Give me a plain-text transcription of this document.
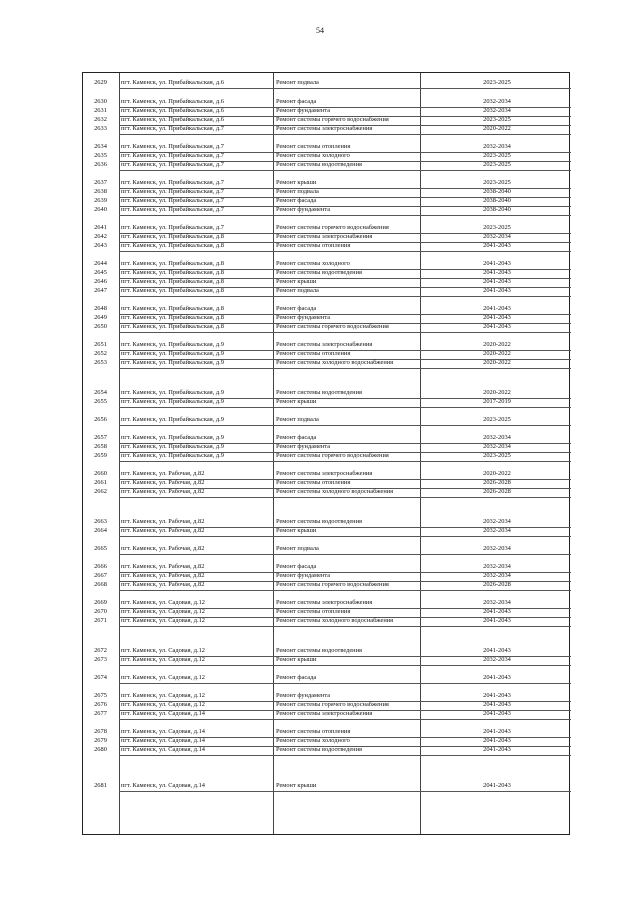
54
2629	пгт. Каменск, ул. Прибайкальская, д.6	Ремонт подвала	2023-2025
2630	пгт. Каменск, ул. Прибайкальская, д.6	Ремонт фасада	2032-2034
2631	пгт. Каменск, ул. Прибайкальская, д.6	Ремонт фундамента	2032-2034
2632	пгт. Каменск, ул. Прибайкальская, д.6	Ремонт системы горячего водоснабжения	2023-2025
2633	пгт. Каменск, ул. Прибайкальская, д.7	Ремонт системы электроснабжения	2020-2022
2634	пгт. Каменск, ул. Прибайкальская, д.7	Ремонт системы отопления	2032-2034
2635	пгт. Каменск, ул. Прибайкальская, д.7	Ремонт системы холодного	2023-2025
2636	пгт. Каменск, ул. Прибайкальская, д.7	Ремонт системы водоотведения	2023-2025
2637	пгт. Каменск, ул. Прибайкальская, д.7	Ремонт крыши	2023-2025
2638	пгт. Каменск, ул. Прибайкальская, д.7	Ремонт подвала	2038-2040
2639	пгт. Каменск, ул. Прибайкальская, д.7	Ремонт фасада	2038-2040
2640	пгт. Каменск, ул. Прибайкальская, д.7	Ремонт фундамента	2038-2040
2641	пгт. Каменск, ул. Прибайкальская, д.7	Ремонт системы горячего водоснабжения	2023-2025
2642	пгт. Каменск, ул. Прибайкальская, д.8	Ремонт системы электроснабжения	2032-2034
2643	пгт. Каменск, ул. Прибайкальская, д.8	Ремонт системы отопления	2041-2043
2644	пгт. Каменск, ул. Прибайкальская, д.8	Ремонт системы холодного	2041-2043
2645	пгт. Каменск, ул. Прибайкальская, д.8	Ремонт системы водоотведения	2041-2043
2646	пгт. Каменск, ул. Прибайкальская, д.8	Ремонт крыши	2041-2043
2647	пгт. Каменск, ул. Прибайкальская, д.8	Ремонт подвала	2041-2043
2648	пгт. Каменск, ул. Прибайкальская, д.8	Ремонт фасада	2041-2043
2649	пгт. Каменск, ул. Прибайкальская, д.8	Ремонт фундамента	2041-2043
2650	пгт. Каменск, ул. Прибайкальская, д.8	Ремонт системы горячего водоснабжения	2041-2043
2651	пгт. Каменск, ул. Прибайкальская, д.9	Ремонт системы электроснабжения	2020-2022
2652	пгт. Каменск, ул. Прибайкальская, д.9	Ремонт системы отопления	2020-2022
2653	пгт. Каменск, ул. Прибайкальская, д.9	Ремонт системы холодного водоснабжения	2020-2022
2654	пгт. Каменск, ул. Прибайкальская, д.9	Ремонт системы водоотведения	2020-2022
2655	пгт. Каменск, ул. Прибайкальская, д.9	Ремонт крыши	2017-2019
2656	пгт. Каменск, ул. Прибайкальская, д.9	Ремонт подвала	2023-2025
2657	пгт. Каменск, ул. Прибайкальская, д.9	Ремонт фасада	2032-2034
2658	пгт. Каменск, ул. Прибайкальская, д.9	Ремонт фундамента	2032-2034
2659	пгт. Каменск, ул. Прибайкальская, д.9	Ремонт системы горячего водоснабжения	2023-2025
2660	пгт. Каменск, ул. Рабочая, д.82	Ремонт системы электроснабжения	2020-2022
2661	пгт. Каменск, ул. Рабочая, д.82	Ремонт системы отопления	2026-2028
2662	пгт. Каменск, ул. Рабочая, д.82	Ремонт системы холодного водоснабжения	2026-2028
2663	пгт. Каменск, ул. Рабочая, д.82	Ремонт системы водоотведения	2032-2034
2664	пгт. Каменск, ул. Рабочая, д.82	Ремонт крыши	2032-2034
2665	пгт. Каменск, ул. Рабочая, д.82	Ремонт подвала	2032-2034
2666	пгт. Каменск, ул. Рабочая, д.82	Ремонт фасада	2032-2034
2667	пгт. Каменск, ул. Рабочая, д.82	Ремонт фундамента	2032-2034
2668	пгт. Каменск, ул. Рабочая, д.82	Ремонт системы горячего водоснабжения	2026-2028
2669	пгт. Каменск, ул. Садовая, д.12	Ремонт системы электроснабжения	2032-2034
2670	пгт. Каменск, ул. Садовая, д.12	Ремонт системы отопления	2041-2043
2671	пгт. Каменск, ул. Садовая, д.12	Ремонт системы холодного водоснабжения	2041-2043
2672	пгт. Каменск, ул. Садовая, д.12	Ремонт системы водоотведения	2041-2043
2673	пгт. Каменск, ул. Садовая, д.12	Ремонт крыши	2032-2034
2674	пгт. Каменск, ул. Садовая, д.12	Ремонт фасада	2041-2043
2675	пгт. Каменск, ул. Садовая, д.12	Ремонт фундамента	2041-2043
2676	пгт. Каменск, ул. Садовая, д.12	Ремонт системы горячего водоснабжения	2041-2043
2677	пгт. Каменск, ул. Садовая, д.14	Ремонт системы электроснабжения	2041-2043
2678	пгт. Каменск, ул. Садовая, д.14	Ремонт системы отопления	2041-2043
2679	пгт. Каменск, ул. Садовая, д.14	Ремонт системы холодного	2041-2043
2680	пгт. Каменск, ул. Садовая, д.14	Ремонт системы водоотведения	2041-2043
2681	пгт. Каменск, ул. Садовая, д.14	Ремонт крыши	2041-2043
